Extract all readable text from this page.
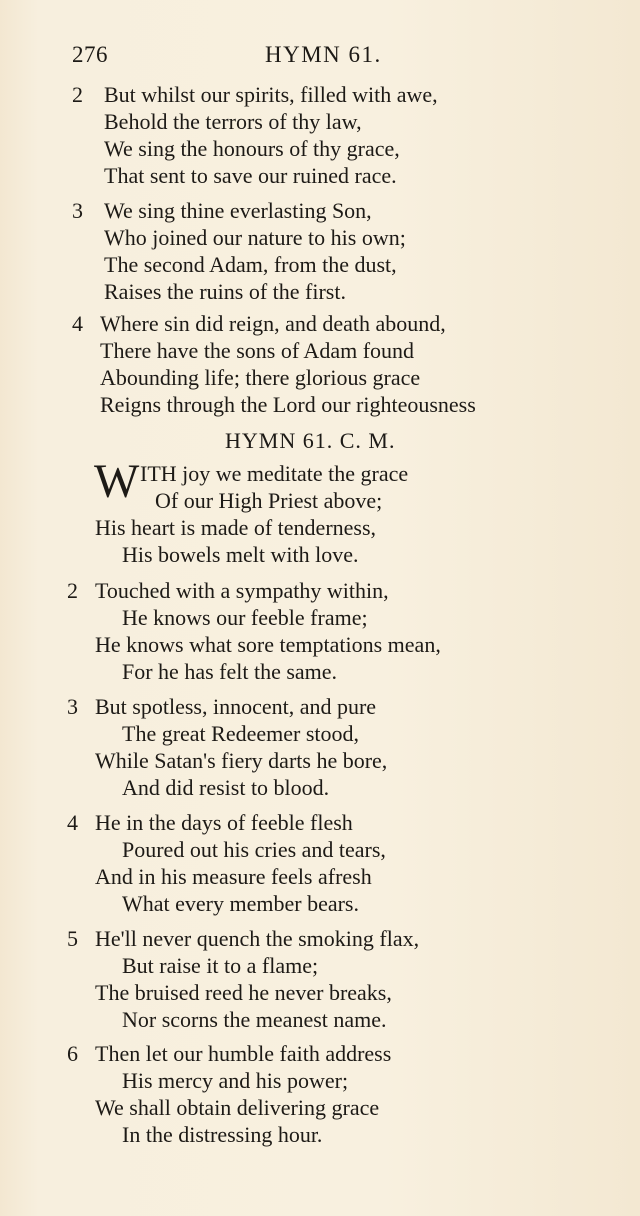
276	HYMN 61.
2 But whilst our spirits, filled with awe,
Behold the terrors of thy law,
We sing the honours of thy grace,
That sent to save our ruined race.
3 We sing thine everlasting Son,
Who joined our nature to his own;
The second Adam, from the dust,
Raises the ruins of the first.
4 Where sin did reign, and death abound,
There have the sons of Adam found
Abounding life; there glorious grace
Reigns through the Lord our righteousness
HYMN 61. C. M.
W ITH joy we meditate the grace
Of our High Priest above;
His heart is made of tenderness,
His bowels melt with love.
2 Touched with a sympathy within,
He knows our feeble frame;
He knows what sore temptations mean,
For he has felt the same.
3 But spotless, innocent, and pure
The great Redeemer stood,
While Satan's fiery darts he bore,
And did resist to blood.
4 He in the days of feeble flesh
Poured out his cries and tears,
And in his measure feels afresh
What every member bears.
5 He'll never quench the smoking flax,
But raise it to a flame;
The bruised reed he never breaks,
Nor scorns the meanest name.
6 Then let our humble faith address
His mercy and his power;
We shall obtain delivering grace
In the distressing hour.
